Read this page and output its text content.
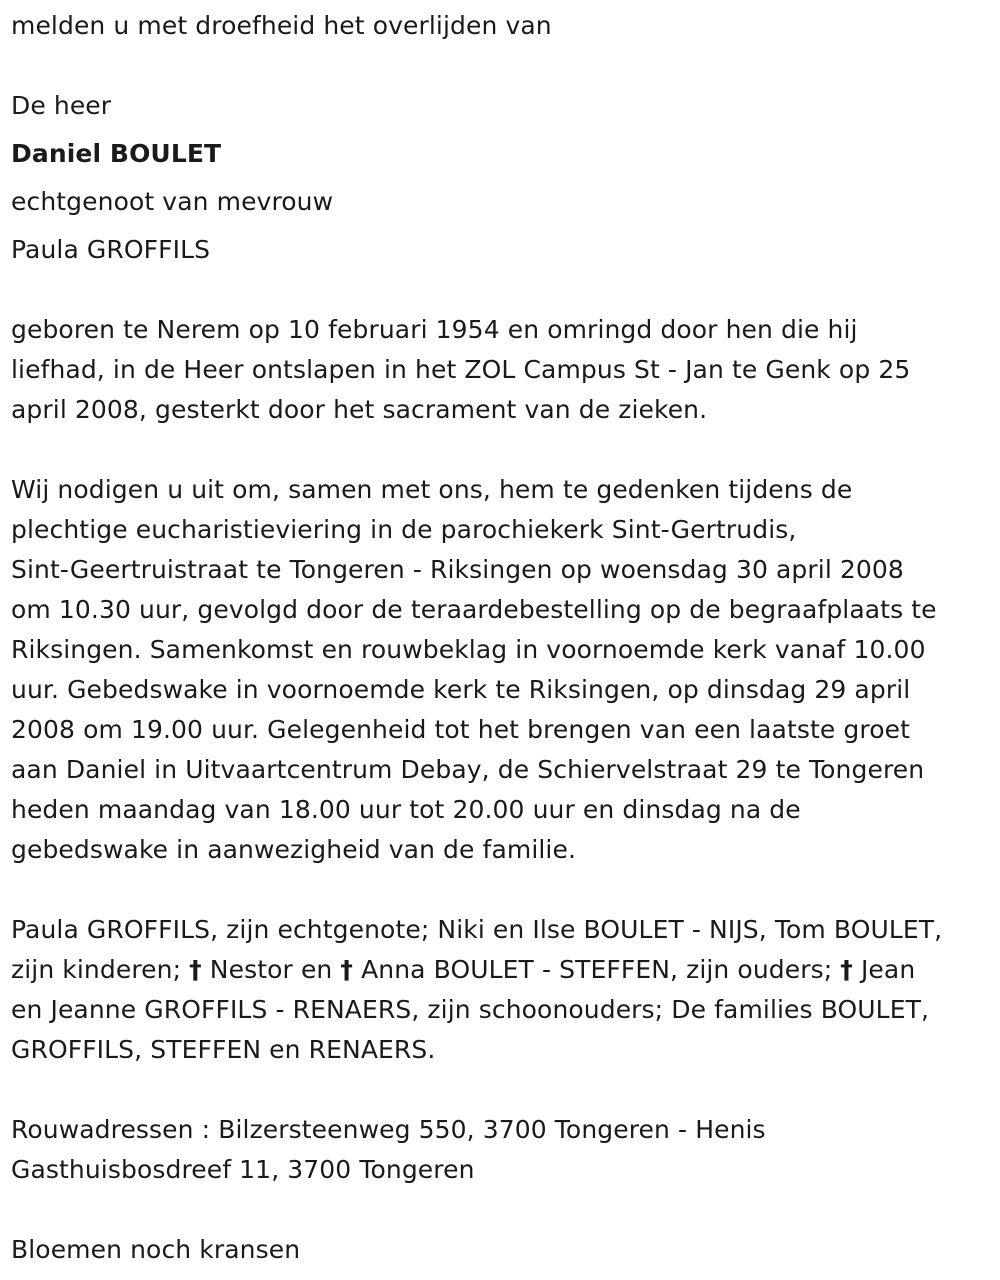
melden u met droefheid het overlijden van

De heer

Daniel BOULET

echtgenoot van mevrouw

Paula GROFFILS

geboren te Nerem op 10 februari 1954 en omringd door hen die hij

liefhad, in de Heer ontslapen in het ZOL Campus St - Jan te Genk op 25

april 2008, gesterkt door het sacrament van de zieken.

Wij nodigen u uit om, samen met ons, hem te gedenken tijdens de

plechtige eucharistieviering in de parochiekerk Sint-Gertrudis,

Sint-Geertruistraat te Tongeren - Riksingen op woensdag 30 april 2008

om 10.30 uur, gevolgd door de teraardebestelling op de begraafplaats te

Riksingen. Samenkomst en rouwbeklag in voornoemde kerk vanaf 10.00

uur. Gebedswake in voornoemde kerk te Riksingen, op dinsdag 29 april

2008 om 19.00 uur. Gelegenheid tot het brengen van een laatste groet

aan Daniel in Uitvaartcentrum Debay, de Schiervelstraat 29 te Tongeren

heden maandag van 18.00 uur tot 20.00 uur en dinsdag na de

gebedswake in aanwezigheid van de familie.

Paula GROFFILS, zijn echtgenote; Niki en Ilse BOULET - NIJS, Tom BOULET,

zijn kinderen; † Nestor en † Anna BOULET - STEFFEN, zijn ouders; † Jean

en Jeanne GROFFILS - RENAERS, zijn schoonouders; De families BOULET,

GROFFILS, STEFFEN en RENAERS.

Rouwadressen : Bilzersteenweg 550, 3700 Tongeren - Henis

Gasthuisbosdreef 11, 3700 Tongeren

Bloemen noch kransen
